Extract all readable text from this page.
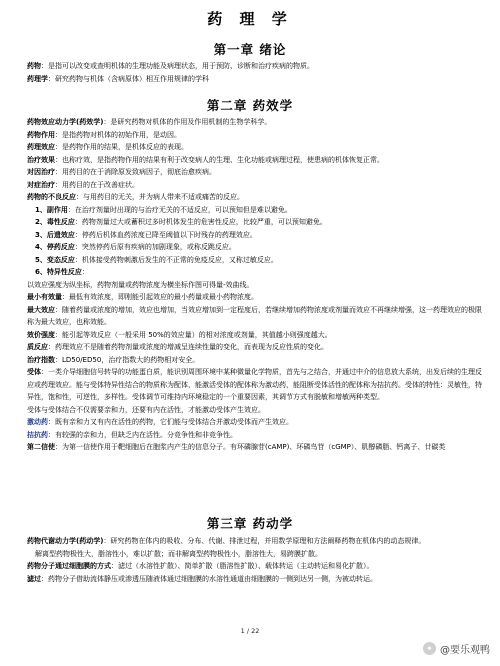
药 理 学
第一章 绪论
药物：是指可以改变或查明机体的生理功能及病理状态，用于预防、诊断和治疗疾病的物质。
药理学：研究药物与机体（含病原体）相互作用规律的学科
第二章 药效学
药物效应动力学(药效学)：是研究药物对机体的作用及作用机制的生物学科学。
药物作用：是指药物对机体的初始作用，是动因。
药理效应：是药物作用的结果，是机体反应的表现。
治疗效果：也称疗效，是指药物作用的结果有利于改变病人的生理、生化功能或病理过程，使患病的机体恢复正常。
对因治疗：用药目的在于消除原发致病因子，彻底治愈疾病。
对症治疗：用药目的在于改善症状。
药物的不良反应：与用药目的无关，并为病人带来不适或痛苦的反应。
1、副作用：在治疗剂量时出现的与治疗无关的不适反应，可以预知但是难以避免。
2、毒性反应：药物剂量过大或蓄积过多时机体发生的危害性反应，比较严重，可以预知避免。
3、后遗效应：停药后机体血药浓度已降至阈值以下时残存的药理效应。
4、停药反应：突然停药后原有疾病的加剧现象，或称反跳反应。
5、变态反应：机体接受药物刺激后发生的不正常的免疫反应，又称过敏反应。
6、特异性反应：
以效应强度为纵坐标，药物剂量或药物浓度为横坐标作图可得量-效曲线。
最小有效量：最低有效浓度，即刚能引起效应的最小药量或最小药物浓度。
最大效应：随着药量或浓度的增加，效应也增加，当效应增加到一定程度后，若继续增加药物浓度或剂量而效应不再继续增强，这一药理效应的极限称为最大效应，也称效能。
效价强度：能引起等效反应（一般采用 50%的效应量）的相对浓度或剂量，其值越小则强度越大。
质反应：药理效应不是随着药物剂量或浓度的增减呈连续性量的变化，而表现为反应性质的变化。
治疗指数：LD50/ED50，治疗指数大的药物相对安全。
受体：一类介导细胞信号转导的功能蛋白质，能识别周围环境中某种微量化学物质，首先与之结合，并通过中介的信息放大系统，出发后续的生理反应或药理效应。能与受体特异性结合的物质称为配体，能激活受体的配体称为激动药，能阻断受体活性的配体称为拮抗药。受体的特性：灵敏性，特异性，饱和性，可逆性，多样性。受体调节可维持内环境稳定的一个重要因素，其调节方式有脱敏和增敏两种类型。
受体与受体结合不仅需要亲和力，还要有内在活性，才能激动受体产生效应。
激动药：既有亲和力又有内在活性的药物，它们能与受体结合并激动受体而产生效应。
拮抗药：有较强的亲和力，但缺乏内在活性。分竞争性和非竞争性。
第二信使：为第一信使作用于靶细胞后在胞浆内产生的信息分子。有环磷腺苷(cAMP)、环磷鸟苷（cGMP）、肌醇磷脂、钙离子、廿碳类
第三章 药动学
药物代谢动力学(药动学)：研究药物在体内的吸收、分布、代谢、排泄过程，并用数学原理和方法阐释药物在机体内的动态规律。
解离型药物极性大，脂溶性小，难以扩散；而非解离型药物极性小，脂溶性大，易跨膜扩散。
药物分子通过细胞膜的方式：滤过（水溶性扩散）、简单扩散（脂溶性扩散）、载体转运（主动转运和易化扩散）。
滤过：药物分子借助流体静压或渗透压随液体通过细胞膜的水溶性通道由细胞膜的一侧到达另一侧，为被动转运。
1 / 22
✦ @要乐观鸭
